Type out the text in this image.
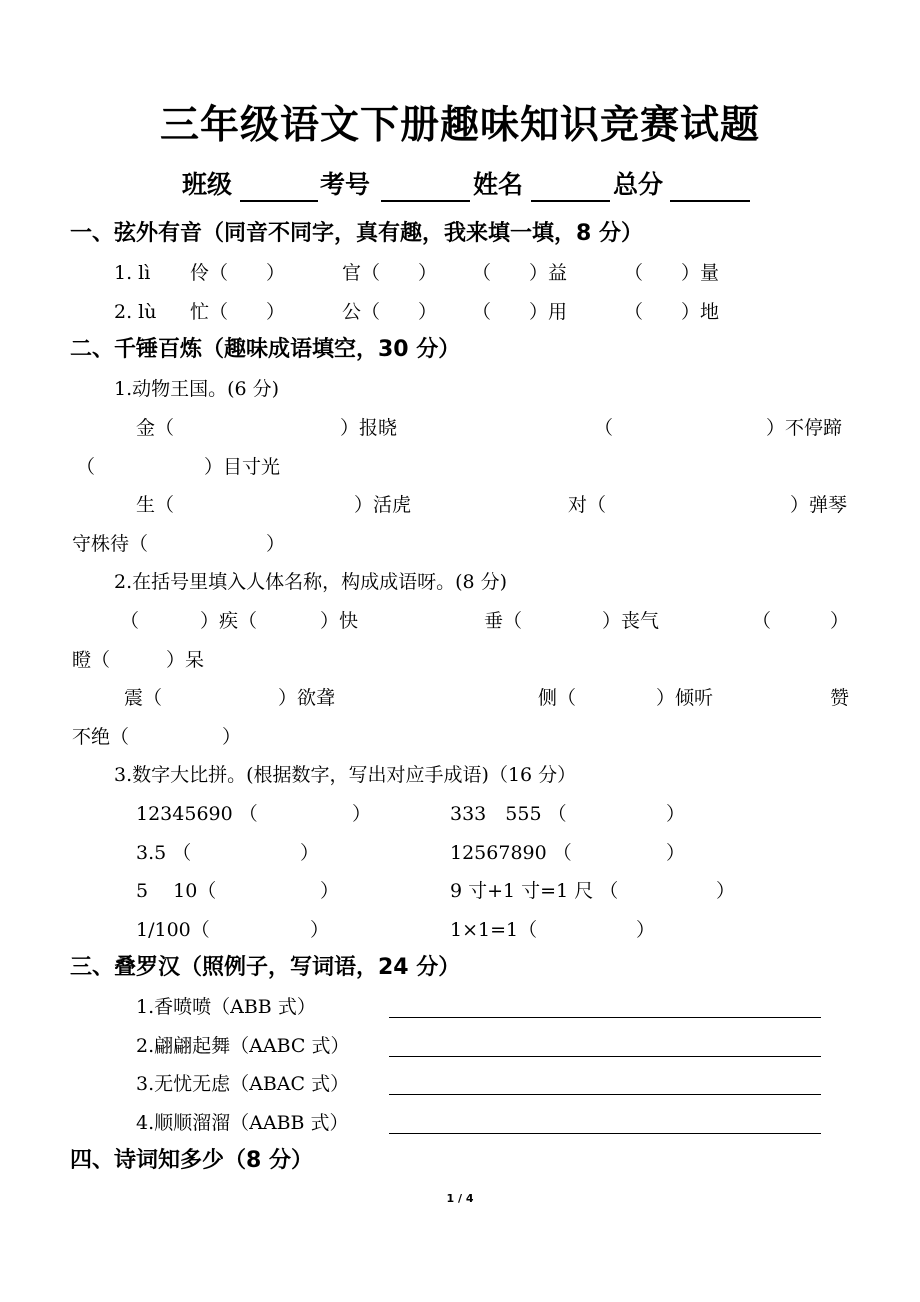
三年级语文下册趣味知识竞赛试题
班级	考号	姓名	总分
一、弦外有音（同音不同字，真有趣，我来填一填，8 分）
1. lì 伶（　　）	官（　　） （　　）益	（　　）量
2. lù 忙（　　）	公（　　） （　　）用	（　　）地
二、千锤百炼（趣味成语填空，30 分）
1.动物王国。(6 分)
金（	）报晓	（	）不停蹄
（	）目寸光
生（	）活虎	对（	）弹琴
守株待（	）
2.在括号里填入人体名称，构成成语呀。(8 分)
（	）疾（	）快	垂（	）丧气	（	）
瞪（	）呆
震（	）欲聋	侧（	）倾听	赞
不绝（	）
3.数字大比拼。(根据数字，写出对应手成语)（16 分）
12345690 （	）	333　555 （	）
3.5 （	）	12567890 （	）
5　 10（	）	9 寸+1 寸=1 尺 （	）
1/100（	）	1×1=1（	）
三、叠罗汉（照例子，写词语，24 分）
1.香喷喷（ABB 式）
2.翩翩起舞（AABC 式）
3.无忧无虑（ABAC 式）
4.顺顺溜溜（AABB 式）
四、诗词知多少（8 分）
1 / 4
